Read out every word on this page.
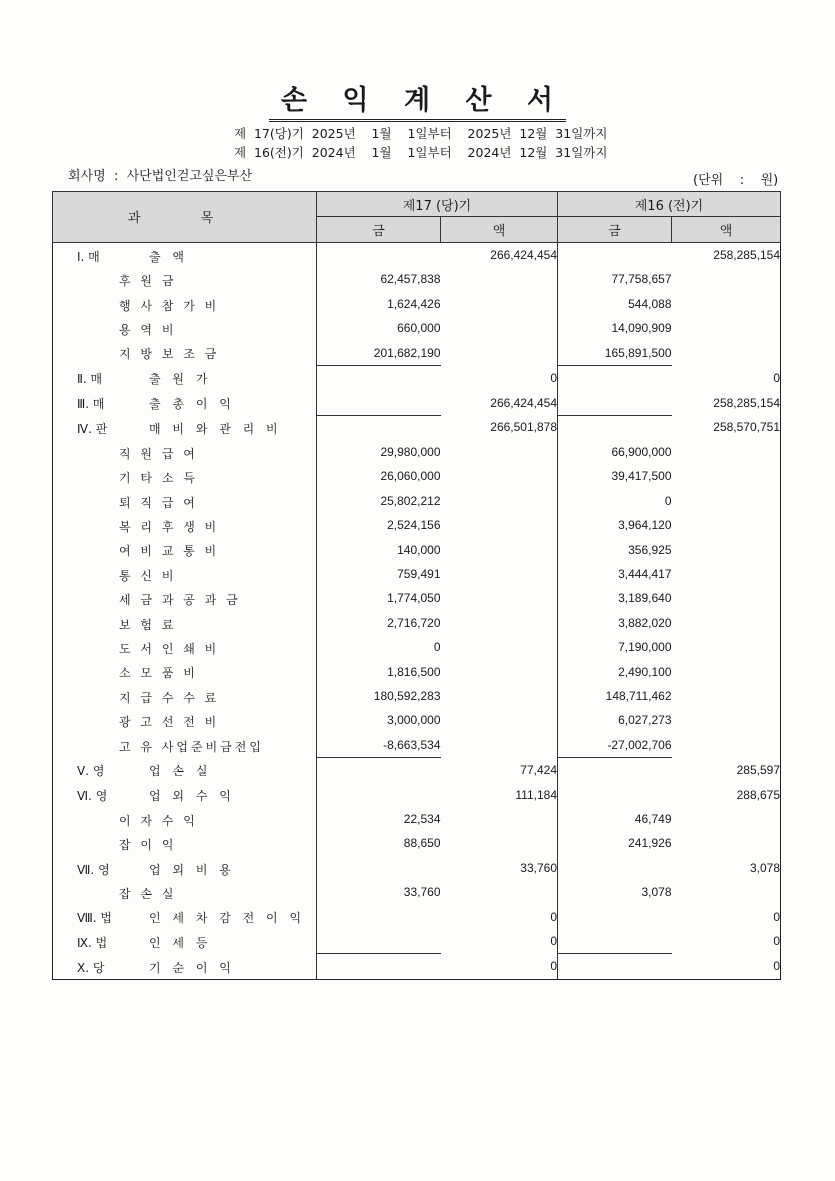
손 익 계 산 서
제  17(당)기  2025년    1월    1일부터    2025년  12월  31일까지
제  16(전)기  2024년    1월    1일부터    2024년  12월  31일까지
회사명  :  사단법인걷고싶은부산	(단위    :    원)
과 목	제17 (당)기		제16 (전)기	
	금	액	금	액

Ⅰ. 매 출 액		266,424,454		258,285,154

후 원 금	62,457,838		77,758,657	

행 사 참 가 비	1,624,426		544,088	

용 역 비	660,000		14,090,909	

지 방 보 조 금	201,682,190		165,891,500	

Ⅱ. 매 출 원 가		0		0

Ⅲ. 매 출 총 이 익		266,424,454		258,285,154

Ⅳ. 판 매 비 와 관 리 비		266,501,878		258,570,751

직 원 급 여	29,980,000		66,900,000	

기 타 소 득	26,060,000		39,417,500	

퇴 직 급 여	25,802,212		0	

복 리 후 생 비	2,524,156		3,964,120	

여 비 교 통 비	140,000		356,925	

통 신 비	759,491		3,444,417	

세 금 과 공 과 금	1,774,050		3,189,640	

보 험 료	2,716,720		3,882,020	

도 서 인 쇄 비	0		7,190,000	

소 모 품 비	1,816,500		2,490,100	

지 급 수 수 료	180,592,283		148,711,462	

광 고 선 전 비	3,000,000		6,027,273	

고 유 사업준비금전입	-8,663,534		-27,002,706	

Ⅴ. 영 업 손 실		77,424		285,597

Ⅵ. 영 업 외 수 익		111,184		288,675

이 자 수 익	22,534		46,749	

잡 이 익	88,650		241,926	

Ⅶ. 영 업 외 비 용		33,760		3,078

잡 손 실	33,760		3,078	

Ⅷ. 법 인 세 차 감 전 이 익		0		0

Ⅸ. 법 인 세 등		0		0

Ⅹ. 당 기 순 이 익		0		0
